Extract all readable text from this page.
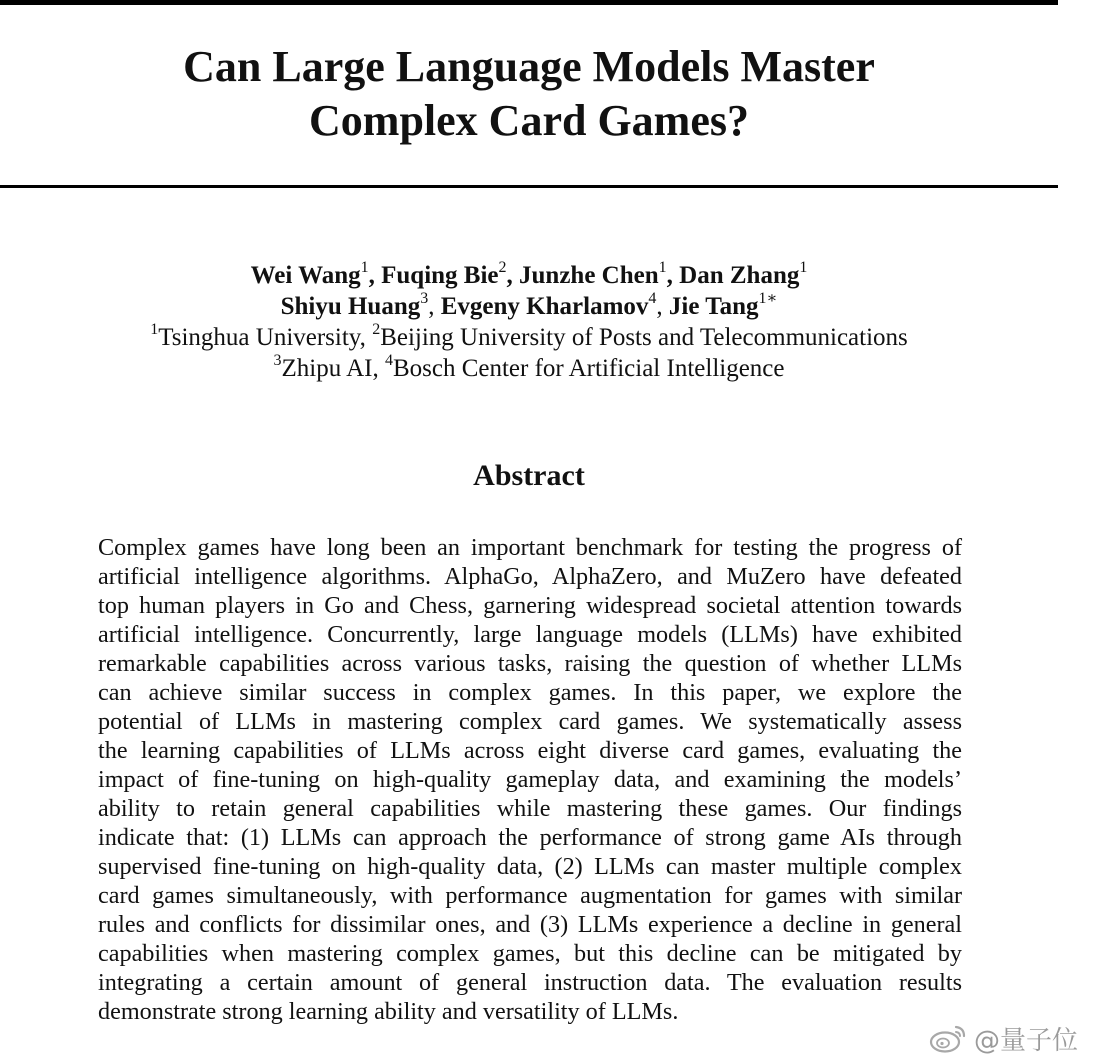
Can Large Language Models Master
Complex Card Games?
Wei Wang$^1$, Fuqing Bie$^2$, Junzhe Chen$^1$, Dan Zhang$^1$
Shiyu Huang$^3$, Evgeny Kharlamov$^4$, Jie Tang$^{1∗}$
$^1$Tsinghua University, $^2$Beijing University of Posts and Telecommunications
$^3$Zhipu AI, $^4$Bosch Center for Artificial Intelligence
Abstract
Complex games have long been an important benchmark for testing the progress of
artificial intelligence algorithms. AlphaGo, AlphaZero, and MuZero have defeated
top human players in Go and Chess, garnering widespread societal attention towards
artificial intelligence. Concurrently, large language models (LLMs) have exhibited
remarkable capabilities across various tasks, raising the question of whether LLMs
can achieve similar success in complex games. In this paper, we explore the
potential of LLMs in mastering complex card games. We systematically assess
the learning capabilities of LLMs across eight diverse card games, evaluating the
impact of fine-tuning on high-quality gameplay data, and examining the models’
ability to retain general capabilities while mastering these games. Our findings
indicate that: (1) LLMs can approach the performance of strong game AIs through
supervised fine-tuning on high-quality data, (2) LLMs can master multiple complex
card games simultaneously, with performance augmentation for games with similar
rules and conflicts for dissimilar ones, and (3) LLMs experience a decline in general
capabilities when mastering complex games, but this decline can be mitigated by
integrating a certain amount of general instruction data. The evaluation results
demonstrate strong learning ability and versatility of LLMs.
@量子位
